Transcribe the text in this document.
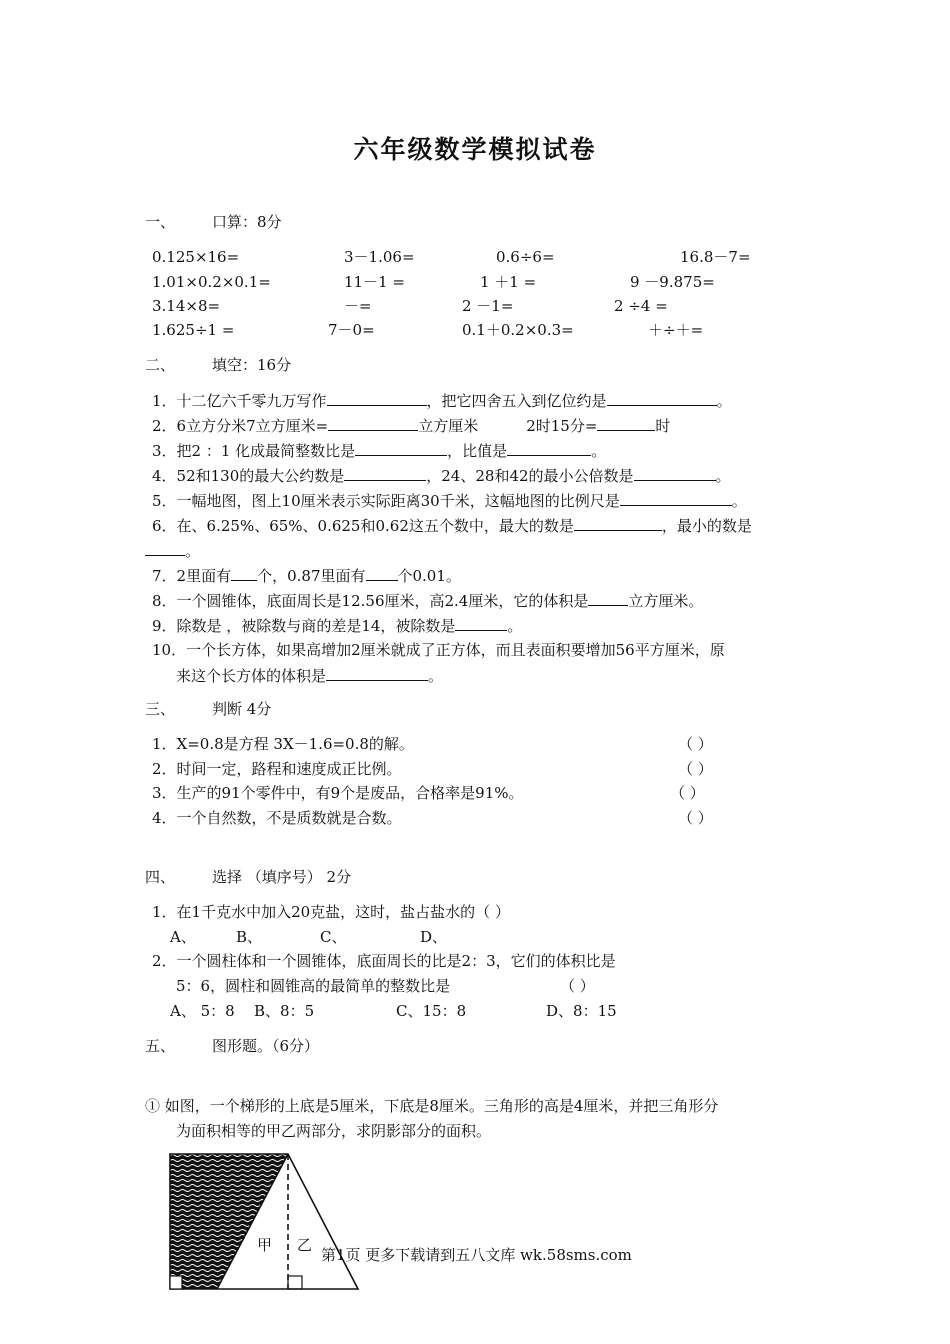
六年级数学模拟试卷
一、 口算：8分
0.125×16=	3－1.06=	0.6÷6=	16.8－7=
1.01×0.2×0.1=	11－1 =	1 ＋1 =	9 －9.875=
3.14×8=	－=	2 －1=	2 ÷4 =
1.625÷1 =	7－0=	0.1＋0.2×0.3=	＋÷＋=
二、 填空：16分
1．十二亿六千零九万写作	，把它四舍五入到亿位约是	。
2．6立方分米7立方厘米=	立方厘米	2时15分=	时
3．把2 ：1 化成最简整数比是	，比值是	。
4．52和130的最大公约数是	，24、28和42的最小公倍数是	。
5．一幅地图，图上10厘米表示实际距离30千米，这幅地图的比例尺是	。
6．在、6.25%、65%、0.625和0.62这五个数中，最大的数是	，最小的数是
。
7．2里面有 个，0.87里面有 个0.01。
8．一个圆锥体，底面周长是12.56厘米，高2.4厘米，它的体积是	立方厘米。
9．除数是 ，被除数与商的差是14，被除数是	。
10．一个长方体，如果高增加2厘米就成了正方体，而且表面积要增加56平方厘米，原
来这个长方体的体积是	。
三、 判断 4分
1．X=0.8是方程 3X－1.6=0.8的解。	（ ）
2．时间一定，路程和速度成正比例。	（ ）
3．生产的91个零件中，有9个是废品，合格率是91%。	（ ）
4．一个自然数，不是质数就是合数。	（ ）
四、 选择 （填序号） 2分
1．在1千克水中加入20克盐，这时，盐占盐水的（ ）
A、	B、	C、	D、
2．一个圆柱体和一个圆锥体，底面周长的比是2：3，它们的体积比是
5：6，圆柱和圆锥高的最简单的整数比是	（ ）
A、 5：8 B、8：5	C、15：8	D、8：15
五、 图形题。（6分）
① 如图，一个梯形的上底是5厘米，下底是8厘米。三角形的高是4厘米，并把三角形分
为面积相等的甲乙两部分，求阴影部分的面积。
甲 乙
第1页 更多下载请到五八文库 wk.58sms.com
